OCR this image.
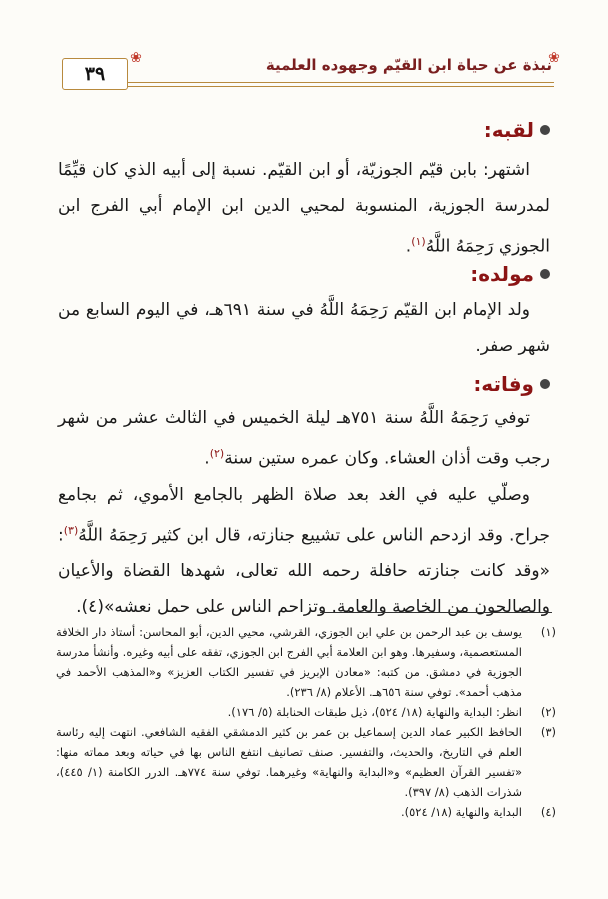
٣٩
❀	❀
نبذة عن حياة ابن القيّم وجهوده العلمية
لقبه:
اشتهر: بابن قيّم الجوزيّة، أو ابن القيّم. نسبة إلى أبيه الذي كان قيِّمًا لمدرسة الجوزية، المنسوبة لمحيي الدين ابن الإمام أبي الفرج ابن الجوزي رَحِمَهُ اللَّهُ$^{(١)}$.
مولده:
ولد الإمام ابن القيّم رَحِمَهُ اللَّهُ في سنة ٦٩١هـ، في اليوم السابع من شهر صفر.
وفاته:
توفي رَحِمَهُ اللَّهُ سنة ٧٥١هـ ليلة الخميس في الثالث عشر من شهر رجب وقت أذان العشاء. وكان عمره ستين سنة$^{(٢)}$.
وصلّي عليه في الغد بعد صلاة الظهر بالجامع الأموي، ثم بجامع جراح. وقد ازدحم الناس على تشييع جنازته، قال ابن كثير رَحِمَهُ اللَّهُ$^{(٣)}$: «وقد كانت جنازته حافلة رحمه الله تعالى، شهدها القضاة والأعيان والصالحون من الخاصة والعامة. وتزاحم الناس على حمل نعشه»(٤).
(١)
يوسف بن عبد الرحمن بن علي ابن الجوزي، القرشي، محيي الدين، أبو المحاسن: أستاذ دار الخلافة المستعصمية، وسفيرها. وهو ابن العلامة أبي الفرج ابن الجوزي، تفقه على أبيه وغيره. وأنشأ مدرسة الجوزية في دمشق. من كتبه: «معادن الإبريز في تفسير الكتاب العزيز» و«المذهب الأحمد في مذهب أحمد». توفي سنة ٦٥٦هـ. الأعلام (٨/ ٢٣٦).
(٢)
انظر: البداية والنهاية (١٨/ ٥٢٤)، ذيل طبقات الحنابلة (٥/ ١٧٦).
(٣)
الحافظ الكبير عماد الدين إسماعيل بن عمر بن كثير الدمشقي الفقيه الشافعي. انتهت إليه رئاسة العلم في التاريخ، والحديث، والتفسير. صنف تصانيف انتفع الناس بها في حياته وبعد مماته منها: «تفسير القرآن العظيم» و«البداية والنهاية» وغيرهما. توفي سنة ٧٧٤هـ. الدرر الكامنة (١/ ٤٤٥)، شذرات الذهب (٨/ ٣٩٧).
(٤)
البداية والنهاية (١٨/ ٥٢٤).
